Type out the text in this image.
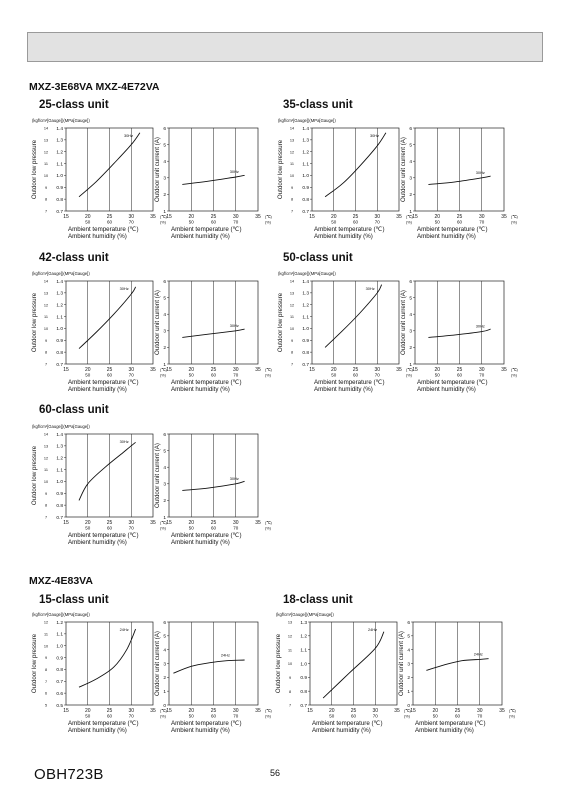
MXZ-3E68VA MXZ-4E72VA
MXZ-4E83VA
25-class unit	35-class unit
42-class unit	50-class unit
60-class unit
15-class unit	18-class unit
0.7
7
0.8
8
0.9
9
1.0
10
1.1
11
1.2
12
1.3
13
1.4
14
(kgf/cm²[Gauge])(MPa[Gauge])
Outdoor low pressure
15	20	25	30	35
50	60	70
(℃)
(%)
Ambient temperature (℃)
Ambient humidity (%)
30Hz
1
2
3
4
5
6
Outdoor unit current (A)
15	20	25	30	35
50	60	70
(℃)
(%)
Ambient temperature (℃)
Ambient humidity (%)
30Hz
0.7
7
0.8
8
0.9
9
1.0
10
1.1
11
1.2
12
1.3
13
1.4
14
(kgf/cm²[Gauge])(MPa[Gauge])
Outdoor low pressure
15	20	25	30	35
50	60	70
(℃)
(%)
Ambient temperature (℃)
Ambient humidity (%)
30Hz
1
2
3
4
5
6
Outdoor unit current (A)
15	20	25	30	35
50	60	70
(℃)
(%)
Ambient temperature (℃)
Ambient humidity (%)
30Hz
0.7
7
0.8
8
0.9
9
1.0
10
1.1
11
1.2
12
1.3
13
1.4
14
(kgf/cm²[Gauge])(MPa[Gauge])
Outdoor low pressure
15	20	25	30	35
50	60	70
(℃)
(%)
Ambient temperature (℃)
Ambient humidity (%)
30Hz
1
2
3
4
5
6
Outdoor unit current (A)
15	20	25	30	35
50	60	70
(℃)
(%)
Ambient temperature (℃)
Ambient humidity (%)
30Hz
0.7
7
0.8
8
0.9
9
1.0
10
1.1
11
1.2
12
1.3
13
1.4
14
(kgf/cm²[Gauge])(MPa[Gauge])
Outdoor low pressure
15	20	25	30	35
50	60	70
(℃)
(%)
Ambient temperature (℃)
Ambient humidity (%)
30Hz
1
2
3
4
5
6
Outdoor unit current (A)
15	20	25	30	35
50	60	70
(℃)
(%)
Ambient temperature (℃)
Ambient humidity (%)
30Hz
0.7
7
0.8
8
0.9
9
1.0
10
1.1
11
1.2
12
1.3
13
1.4
14
(kgf/cm²[Gauge])(MPa[Gauge])
Outdoor low pressure
15	20	25	30	35
50	60	70
(℃)
(%)
Ambient temperature (℃)
Ambient humidity (%)
30Hz
1
2
3
4
5
6
Outdoor unit current (A)
15	20	25	30	35
50	60	70
(℃)
(%)
Ambient temperature (℃)
Ambient humidity (%)
30Hz
0.5
5
0.6
6
0.7
7
0.8
8
0.9
9
1.0
10
1.1
11
1.2
12
(kgf/cm²[Gauge])(MPa[Gauge])
Outdoor low pressure
15	20	25	30	35
50	60	70
(℃)
(%)
Ambient temperature (℃)
Ambient humidity (%)
24Hz
0
1
2
3
4
5
6
Outdoor unit current (A)
15	20	25	30	35
50	60	70
(℃)
(%)
Ambient temperature (℃)
Ambient humidity (%)
24Hz
0.7
7
0.8
8
0.9
9
1.0
10
1.1
11
1.2
12
1.3
13
(kgf/cm²[Gauge])(MPa[Gauge])
Outdoor low pressure
15	20	25	30	35
50	60	70
(℃)
(%)
Ambient temperature (℃)
Ambient humidity (%)
24Hz
0
1
2
3
4
5
6
Outdoor unit current (A)
15	20	25	30	35
50	60	70
(℃)
(%)
Ambient temperature (℃)
Ambient humidity (%)
24Hz
OBH723B	56
